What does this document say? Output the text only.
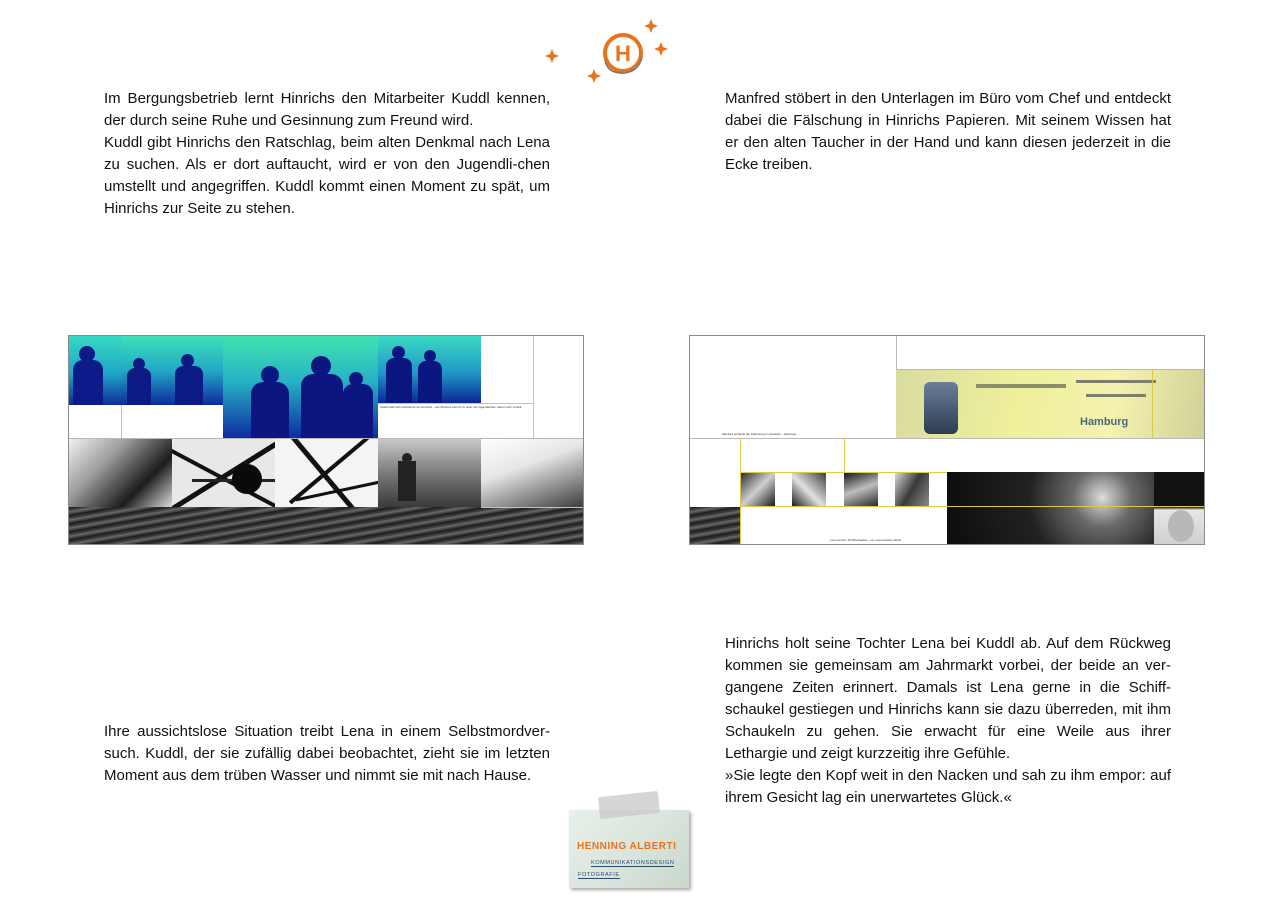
H

Im Bergungsbetrieb lernt Hinrichs den Mitarbeiter Kuddl kennen, der durch seine Ruhe und Gesinnung zum Freund wird.

Kuddl gibt Hinrichs den Ratschlag, beim alten Denkmal nach Lena zu suchen. Als er dort auftaucht, wird er von den Jugendli-chen umstellt und angegriffen. Kuddl kommt einen Moment zu spät, um Hinrichs zur Seite zu stehen.

Manfred stöbert in den Unterlagen im Büro vom Chef und entdeckt dabei die Fälschung in Hinrichs Papieren. Mit seinem Wissen hat er den alten Taucher in der Hand und kann diesen jederzeit in die Ecke treiben.

Kuddl stellt sich schützend vor Hinrichs – der Moment kommt zu spät, die Jugendlichen ziehen sich zurück
Hamburg
Manfred entdeckt die Fälschung im Ausweis – Hamburg
Lena auf der Schiffschaukel – ein unerwartetes Glück

Ihre aussichtslose Situation treibt Lena in einem Selbstmordver-such. Kuddl, der sie zufällig dabei beobachtet, zieht sie im letzten Moment aus dem trüben Wasser und nimmt sie mit nach Hause.

Hinrichs holt seine Tochter Lena bei Kuddl ab. Auf dem Rückweg kommen sie gemeinsam am Jahrmarkt vorbei, der beide an ver-gangene Zeiten erinnert. Damals ist Lena gerne in die Schiff-schaukel gestiegen und Hinrichs kann sie dazu überreden, mit ihm Schaukeln zu gehen. Sie erwacht für eine Weile aus ihrer Lethargie und zeigt kurzzeitig ihre Gefühle.

»Sie legte den Kopf weit in den Nacken und sah zu ihm empor: auf ihrem Gesicht lag ein unerwartetes Glück.«

HENNING ALBERTI
KOMMUNIKATIONSDESIGN
FOTOGRAFIE
